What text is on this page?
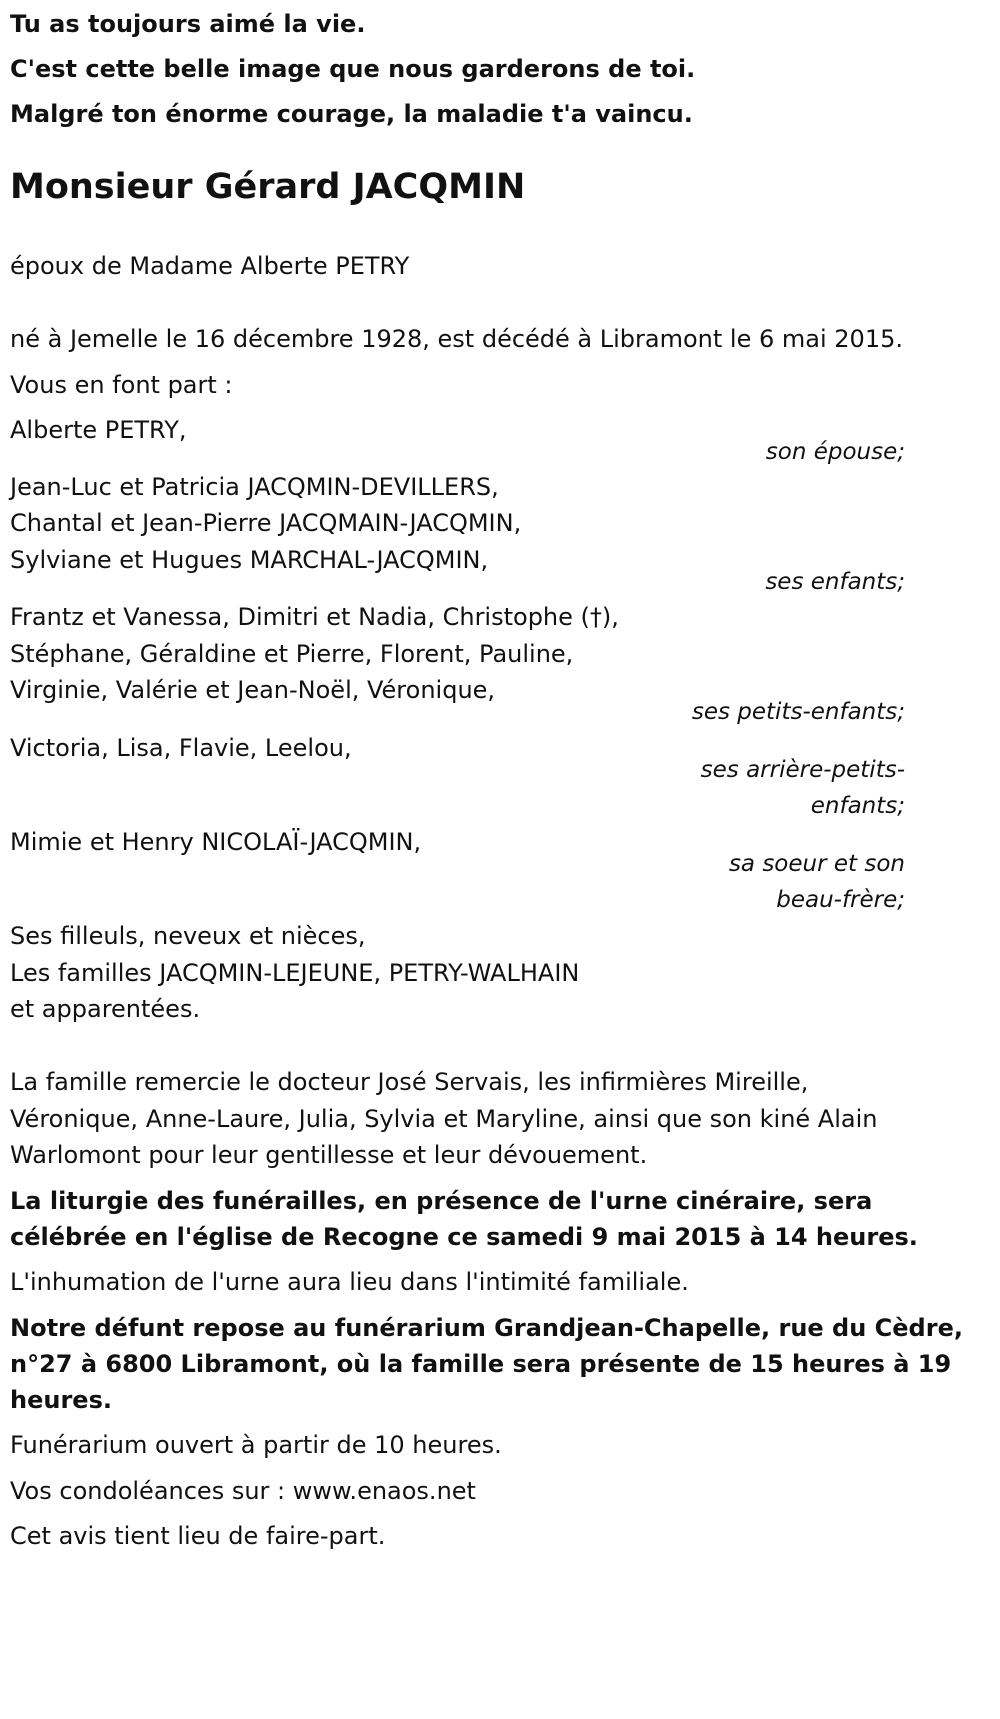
Tu as toujours aimé la vie.
C'est cette belle image que nous garderons de toi.
Malgré ton énorme courage, la maladie t'a vaincu.
Monsieur Gérard JACQMIN
époux de Madame Alberte PETRY
né à Jemelle le 16 décembre 1928, est décédé à Libramont le 6 mai 2015.
Vous en font part :
Alberte PETRY,
son épouse;
Jean-Luc et Patricia JACQMIN-DEVILLERS,
Chantal et Jean-Pierre JACQMAIN-JACQMIN,
Sylviane et Hugues MARCHAL-JACQMIN,
ses enfants;
Frantz et Vanessa, Dimitri et Nadia, Christophe (†),
Stéphane, Géraldine et Pierre, Florent, Pauline,
Virginie, Valérie et Jean-Noël, Véronique,
ses petits-enfants;
Victoria, Lisa, Flavie, Leelou,
ses arrière-petits-
enfants;
Mimie et Henry NICOLAÏ-JACQMIN,
sa soeur et son
beau-frère;
Ses filleuls, neveux et nièces,
Les familles JACQMIN-LEJEUNE, PETRY-WALHAIN
et apparentées.
La famille remercie le docteur José Servais, les infirmières Mireille,
Véronique, Anne-Laure, Julia, Sylvia et Maryline, ainsi que son kiné Alain
Warlomont pour leur gentillesse et leur dévouement.
La liturgie des funérailles, en présence de l'urne cinéraire, sera
célébrée en l'église de Recogne ce samedi 9 mai 2015 à 14 heures.
L'inhumation de l'urne aura lieu dans l'intimité familiale.
Notre défunt repose au funérarium Grandjean-Chapelle, rue du Cèdre,
n°27 à 6800 Libramont, où la famille sera présente de 15 heures à 19
heures.
Funérarium ouvert à partir de 10 heures.
Vos condoléances sur : www.enaos.net
Cet avis tient lieu de faire-part.
